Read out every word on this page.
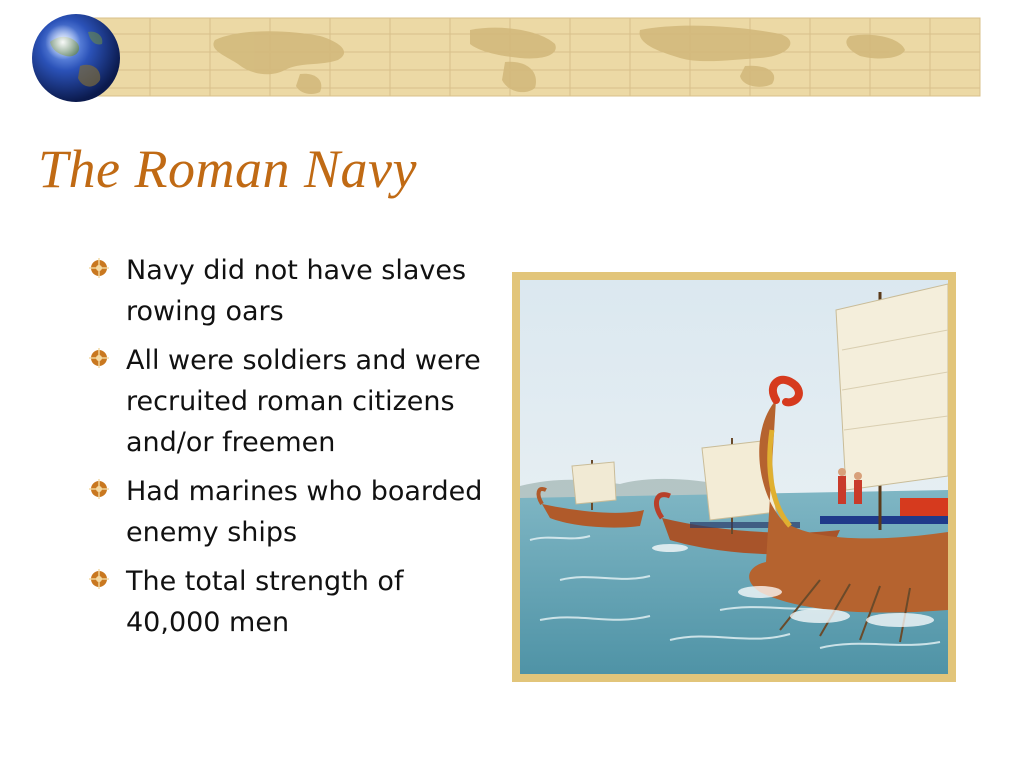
The Roman Navy
Navy did not have slaves rowing oars
All were soldiers and were recruited roman citizens and/or freemen
Had marines who boarded enemy ships
The total strength of 40,000 men
